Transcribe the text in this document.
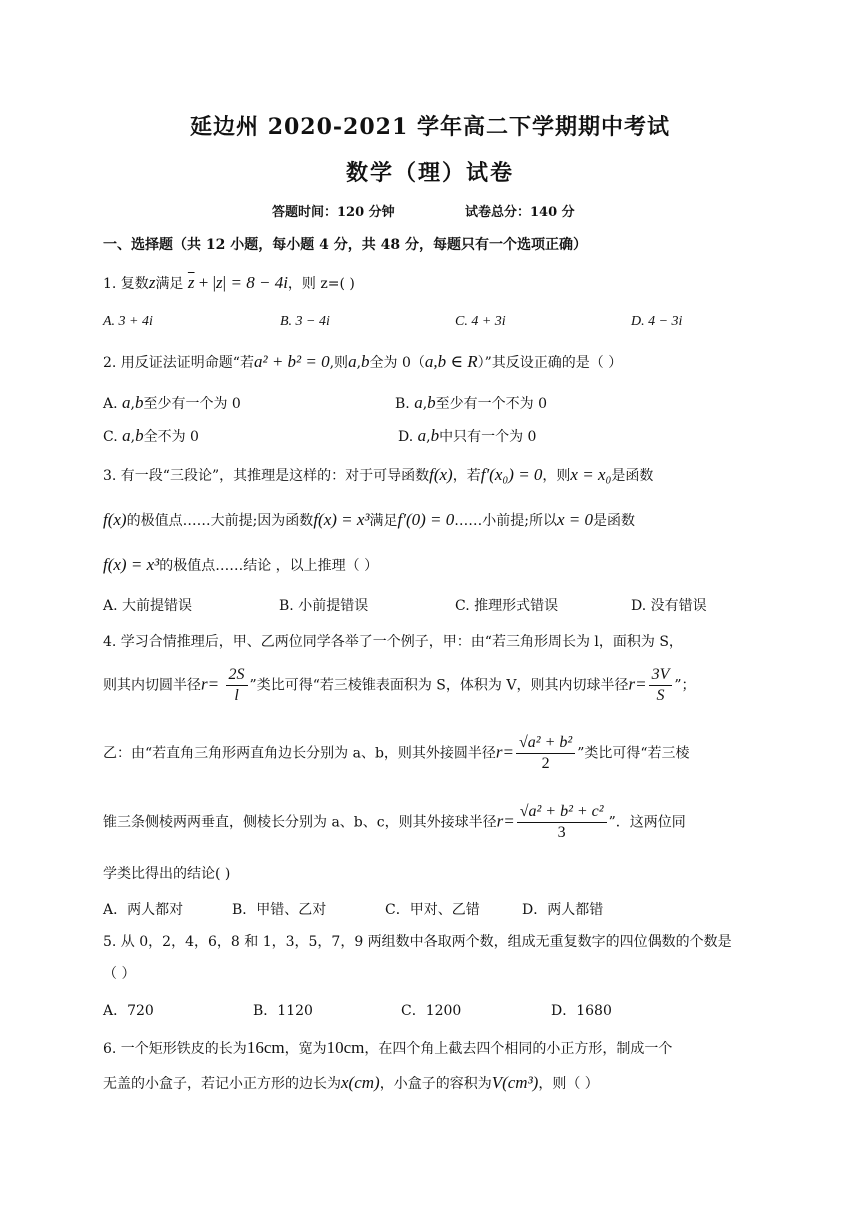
延边州 2020-2021 学年高二下学期期中考试
数学（理）试卷
答题时间：120 分钟	试卷总分：140 分
一、选择题（共 12 小题，每小题 4 分，共 48 分，每题只有一个选项正确）
1. 复数z满足 $\overline{z} + |z| = 8 - 4i$，则 z=( )
A. 3 + 4i	B. 3 − 4i	C. 4 + 3i	D. 4 − 3i
2. 用反证法证明命题“若a² + b² = 0,则a,b全为 0（a,b ∈ R）”其反设正确的是（ ）
A. a,b至少有一个为 0	B. a,b至少有一个不为 0
C. a,b全不为 0	D. a,b中只有一个为 0
3. 有一段“三段论”，其推理是这样的：对于可导函数f(x)，若f′(x₀) = 0，则x = x₀是函数
f(x)的极值点……大前提;因为函数f(x) = x³满足f′(0) = 0……小前提;所以x = 0是函数
f(x) = x³的极值点……结论 ，以上推理（ ）
A. 大前提错误	B. 小前提错误	C. 推理形式错误	D. 没有错误
4. 学习合情推理后，甲、乙两位同学各举了一个例子，甲：由“若三角形周长为 l，面积为 S，
则其内切圆半径$r= \frac{2S}{l}$ ”类比可得“若三棱锥表面积为 S，体积为 V，则其内切球半径$r= \frac{3V}{S}$ ”；
乙：由“若直角三角形两直角边长分别为 a、b，则其外接圆半径$r= \frac{\text{√a² + b²}}{2}$ ”类比可得“若三棱
锥三条侧棱两两垂直，侧棱长分别为 a、b、c，则其外接球半径$r= \frac{\text{√a² + b² + c²}}{3}$ ”．这两位同
学类比得出的结论( )
A．两人都对	B．甲错、乙对	C．甲对、乙错	D．两人都错
5. 从 0，2，4，6，8 和 1，3，5，7，9 两组数中各取两个数，组成无重复数字的四位偶数的个数是
（ ）
A．720	B．1120	C．1200	D．1680
6. 一个矩形铁皮的长为16cm，宽为10cm，在四个角上截去四个相同的小正方形，制成一个
无盖的小盒子，若记小正方形的边长为x(cm)，小盒子的容积为V(cm³)，则（ ）
